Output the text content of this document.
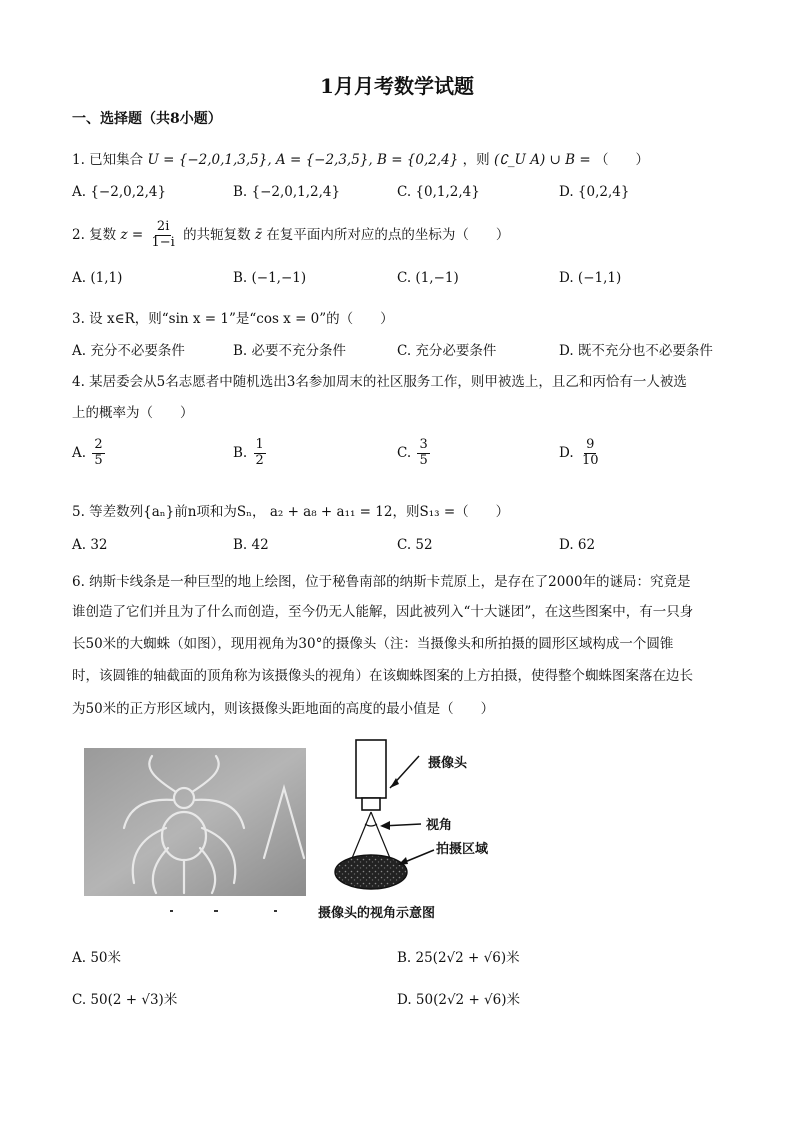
1月月考数学试题
一、选择题（共8小题）
1. 已知集合 U = {−2,0,1,3,5}, A = {−2,3,5}, B = {0,2,4} ，则 (∁_U A) ∪ B = （　　）
A. {−2,0,2,4}	B. {−2,0,1,2,4}	C. {0,1,2,4}	D. {0,2,4}
2. 复数 $z = \frac{2i}{1-i}$ 的共轭复数 z̄ 在复平面内所对应的点的坐标为（　　）
A. (1,1)	B. (−1,−1)	C. (1,−1)	D. (−1,1)
3. 设 x∈R，则“sin x = 1”是“cos x = 0”的（　　）
A. 充分不必要条件	B. 必要不充分条件	C. 充分必要条件	D. 既不充分也不必要条件
4. 某居委会从5名志愿者中随机选出3名参加周末的社区服务工作，则甲被选上，且乙和丙恰有一人被选
上的概率为（　　）
A. $\frac{2}{5}$	B. $\frac{1}{2}$	C. $\frac{3}{5}$	D. $\frac{9}{10}$
5. 等差数列{aₙ}前n项和为Sₙ， a₂ + a₈ + a₁₁ = 12，则S₁₃ =（　　）
A. 32	B. 42	C. 52	D. 62
6. 纳斯卡线条是一种巨型的地上绘图，位于秘鲁南部的纳斯卡荒原上，是存在了2000年的谜局：究竟是
谁创造了它们并且为了什么而创造，至今仍无人能解，因此被列入“十大谜团”，在这些图案中，有一只身
长50米的大蜘蛛（如图），现用视角为30°的摄像头（注：当摄像头和所拍摄的圆形区域构成一个圆锥
时，该圆锥的轴截面的顶角称为该摄像头的视角）在该蜘蛛图案的上方拍摄，使得整个蜘蛛图案落在边长
为50米的正方形区域内，则该摄像头距地面的高度的最小值是（　　）
摄像头
视角
拍摄区域
摄像头的视角示意图
A. 50米	B. 25(2√2 + √6)米
C. 50(2 + √3)米	D. 50(2√2 + √6)米
